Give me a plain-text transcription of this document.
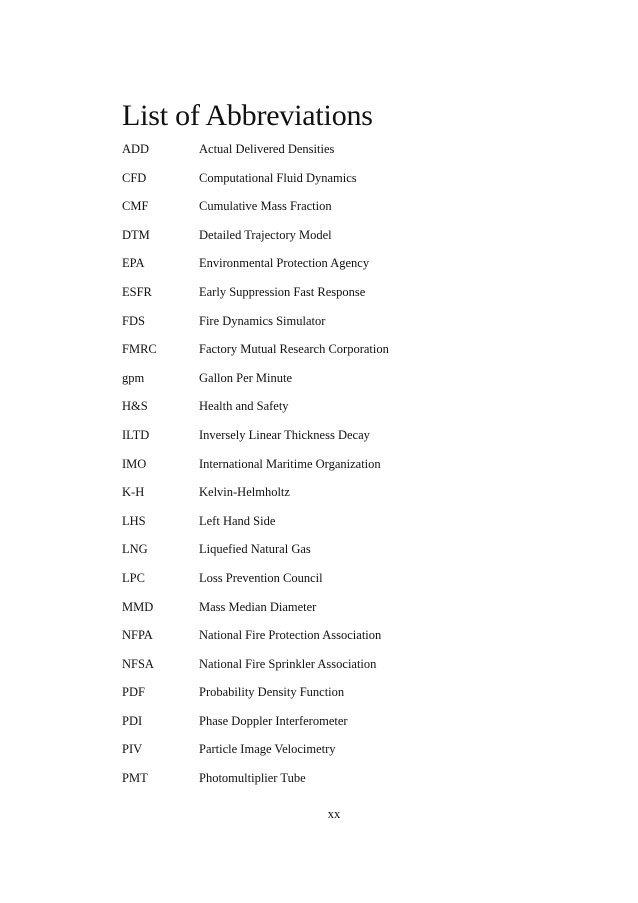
List of Abbreviations
ADD	Actual Delivered Densities
CFD	Computational Fluid Dynamics
CMF	Cumulative Mass Fraction
DTM	Detailed Trajectory Model
EPA	Environmental Protection Agency
ESFR	Early Suppression Fast Response
FDS	Fire Dynamics Simulator
FMRC	Factory Mutual Research Corporation
gpm	Gallon Per Minute
H&S	Health and Safety
ILTD	Inversely Linear Thickness Decay
IMO	International Maritime Organization
K-H	Kelvin-Helmholtz
LHS	Left Hand Side
LNG	Liquefied Natural Gas
LPC	Loss Prevention Council
MMD	Mass Median Diameter
NFPA	National Fire Protection Association
NFSA	National Fire Sprinkler Association
PDF	Probability Density Function
PDI	Phase Doppler Interferometer
PIV	Particle Image Velocimetry
PMT	Photomultiplier Tube
xx
